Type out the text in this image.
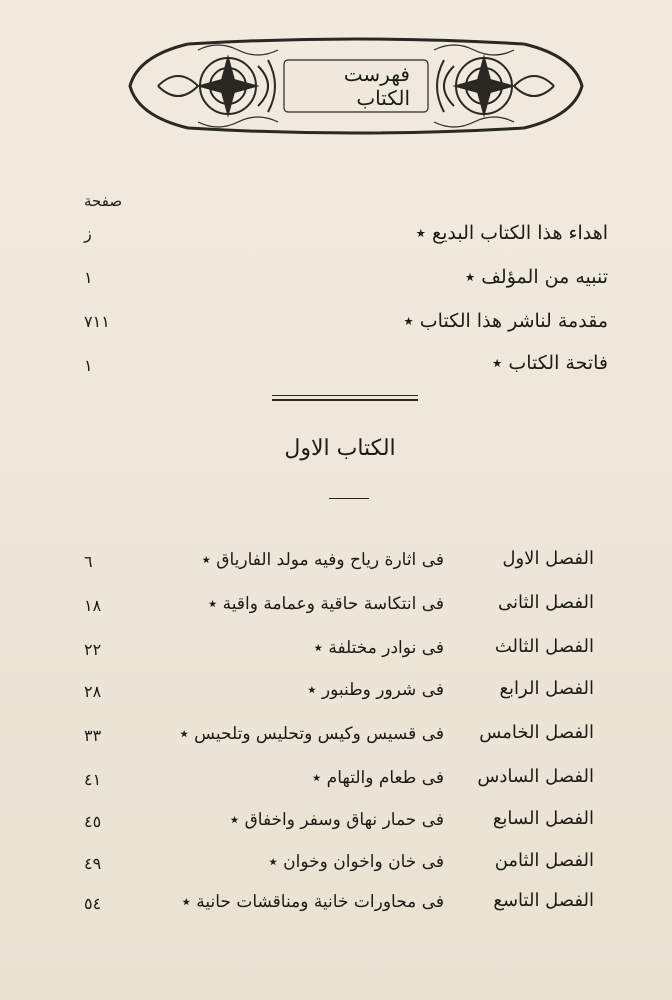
فهرست الكتاب
صفحة
اهداء هذا الكتاب البديع ٭
ز
تنبيه من المؤلف ٭
١
مقدمة لناشر هذا الكتاب ٭
٧١١
فاتحة الكتاب ٭
١
الكتاب الاول
الفصل الاول
فى اثارة رياح وفيه مولد الفارياق ٭
٦
الفصل الثانى
فى انتكاسة حاقية وعمامة واقية ٭
١٨
الفصل الثالث
فى نوادر مختلفة ٭
٢٢
الفصل الرابع
فى شرور وطنبور ٭
٢٨
الفصل الخامس
فى قسيس وكيس وتحليس وتلحيس ٭
٣٣
الفصل السادس
فى طعام والتهام ٭
٤١
الفصل السابع
فى حمار نهاق وسفر واخفاق ٭
٤٥
الفصل الثامن
فى خان واخوان وخوان ٭
٤٩
الفصل التاسع
فى محاورات خانية ومناقشات حانية ٭
٥٤
